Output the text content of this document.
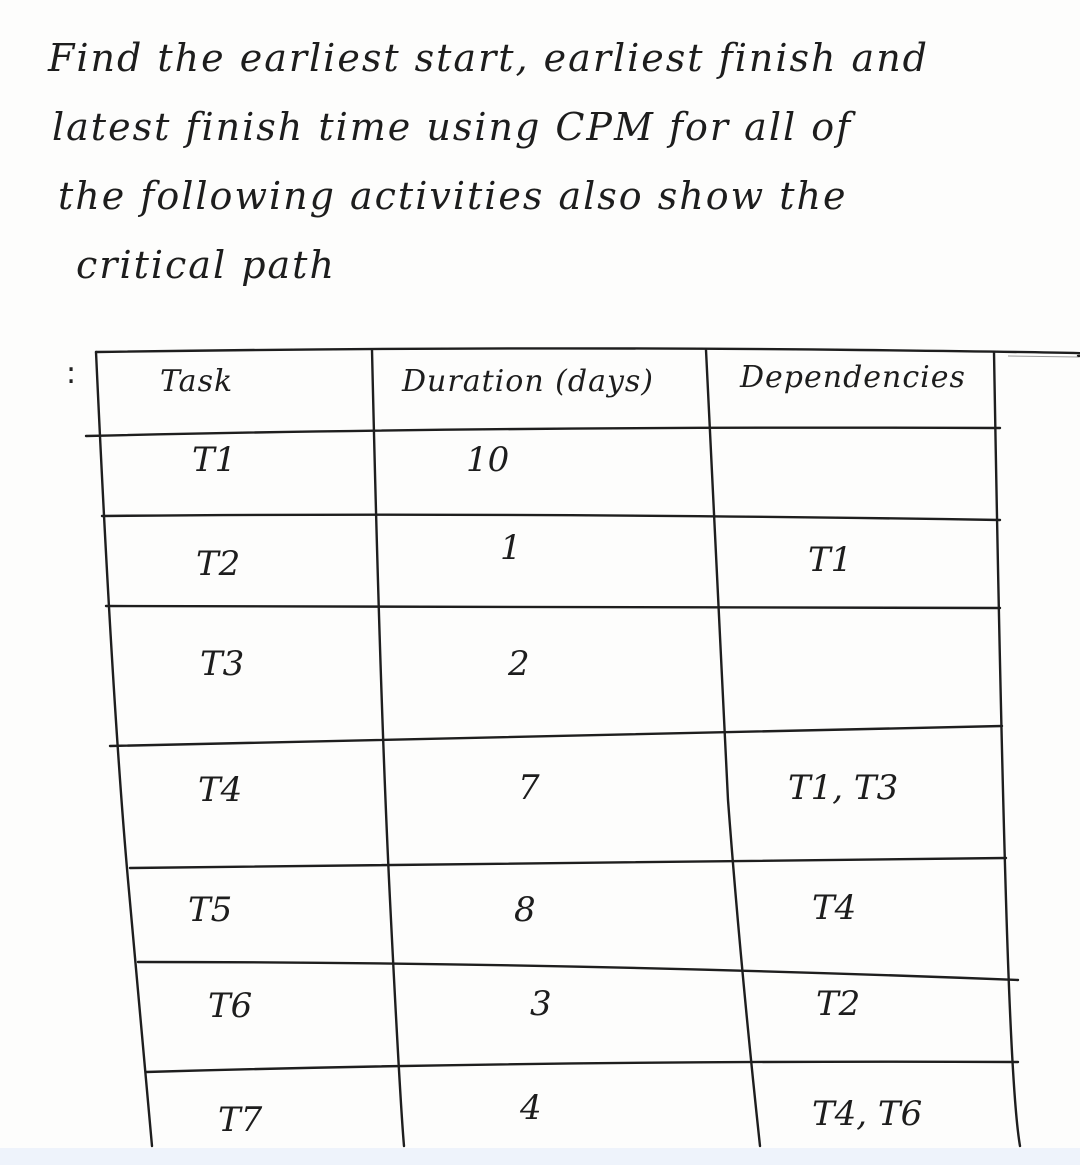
Find the earliest start, earliest finish and
latest finish time using CPM for all of
the following activities also show the
critical path
:	Task	Duration (days)	Dependencies
T1	10
T2	1	T1
T3	2
T4	7	T1, T3
T5	8	T4
T6	3	T2
T7	4	T4, T6
